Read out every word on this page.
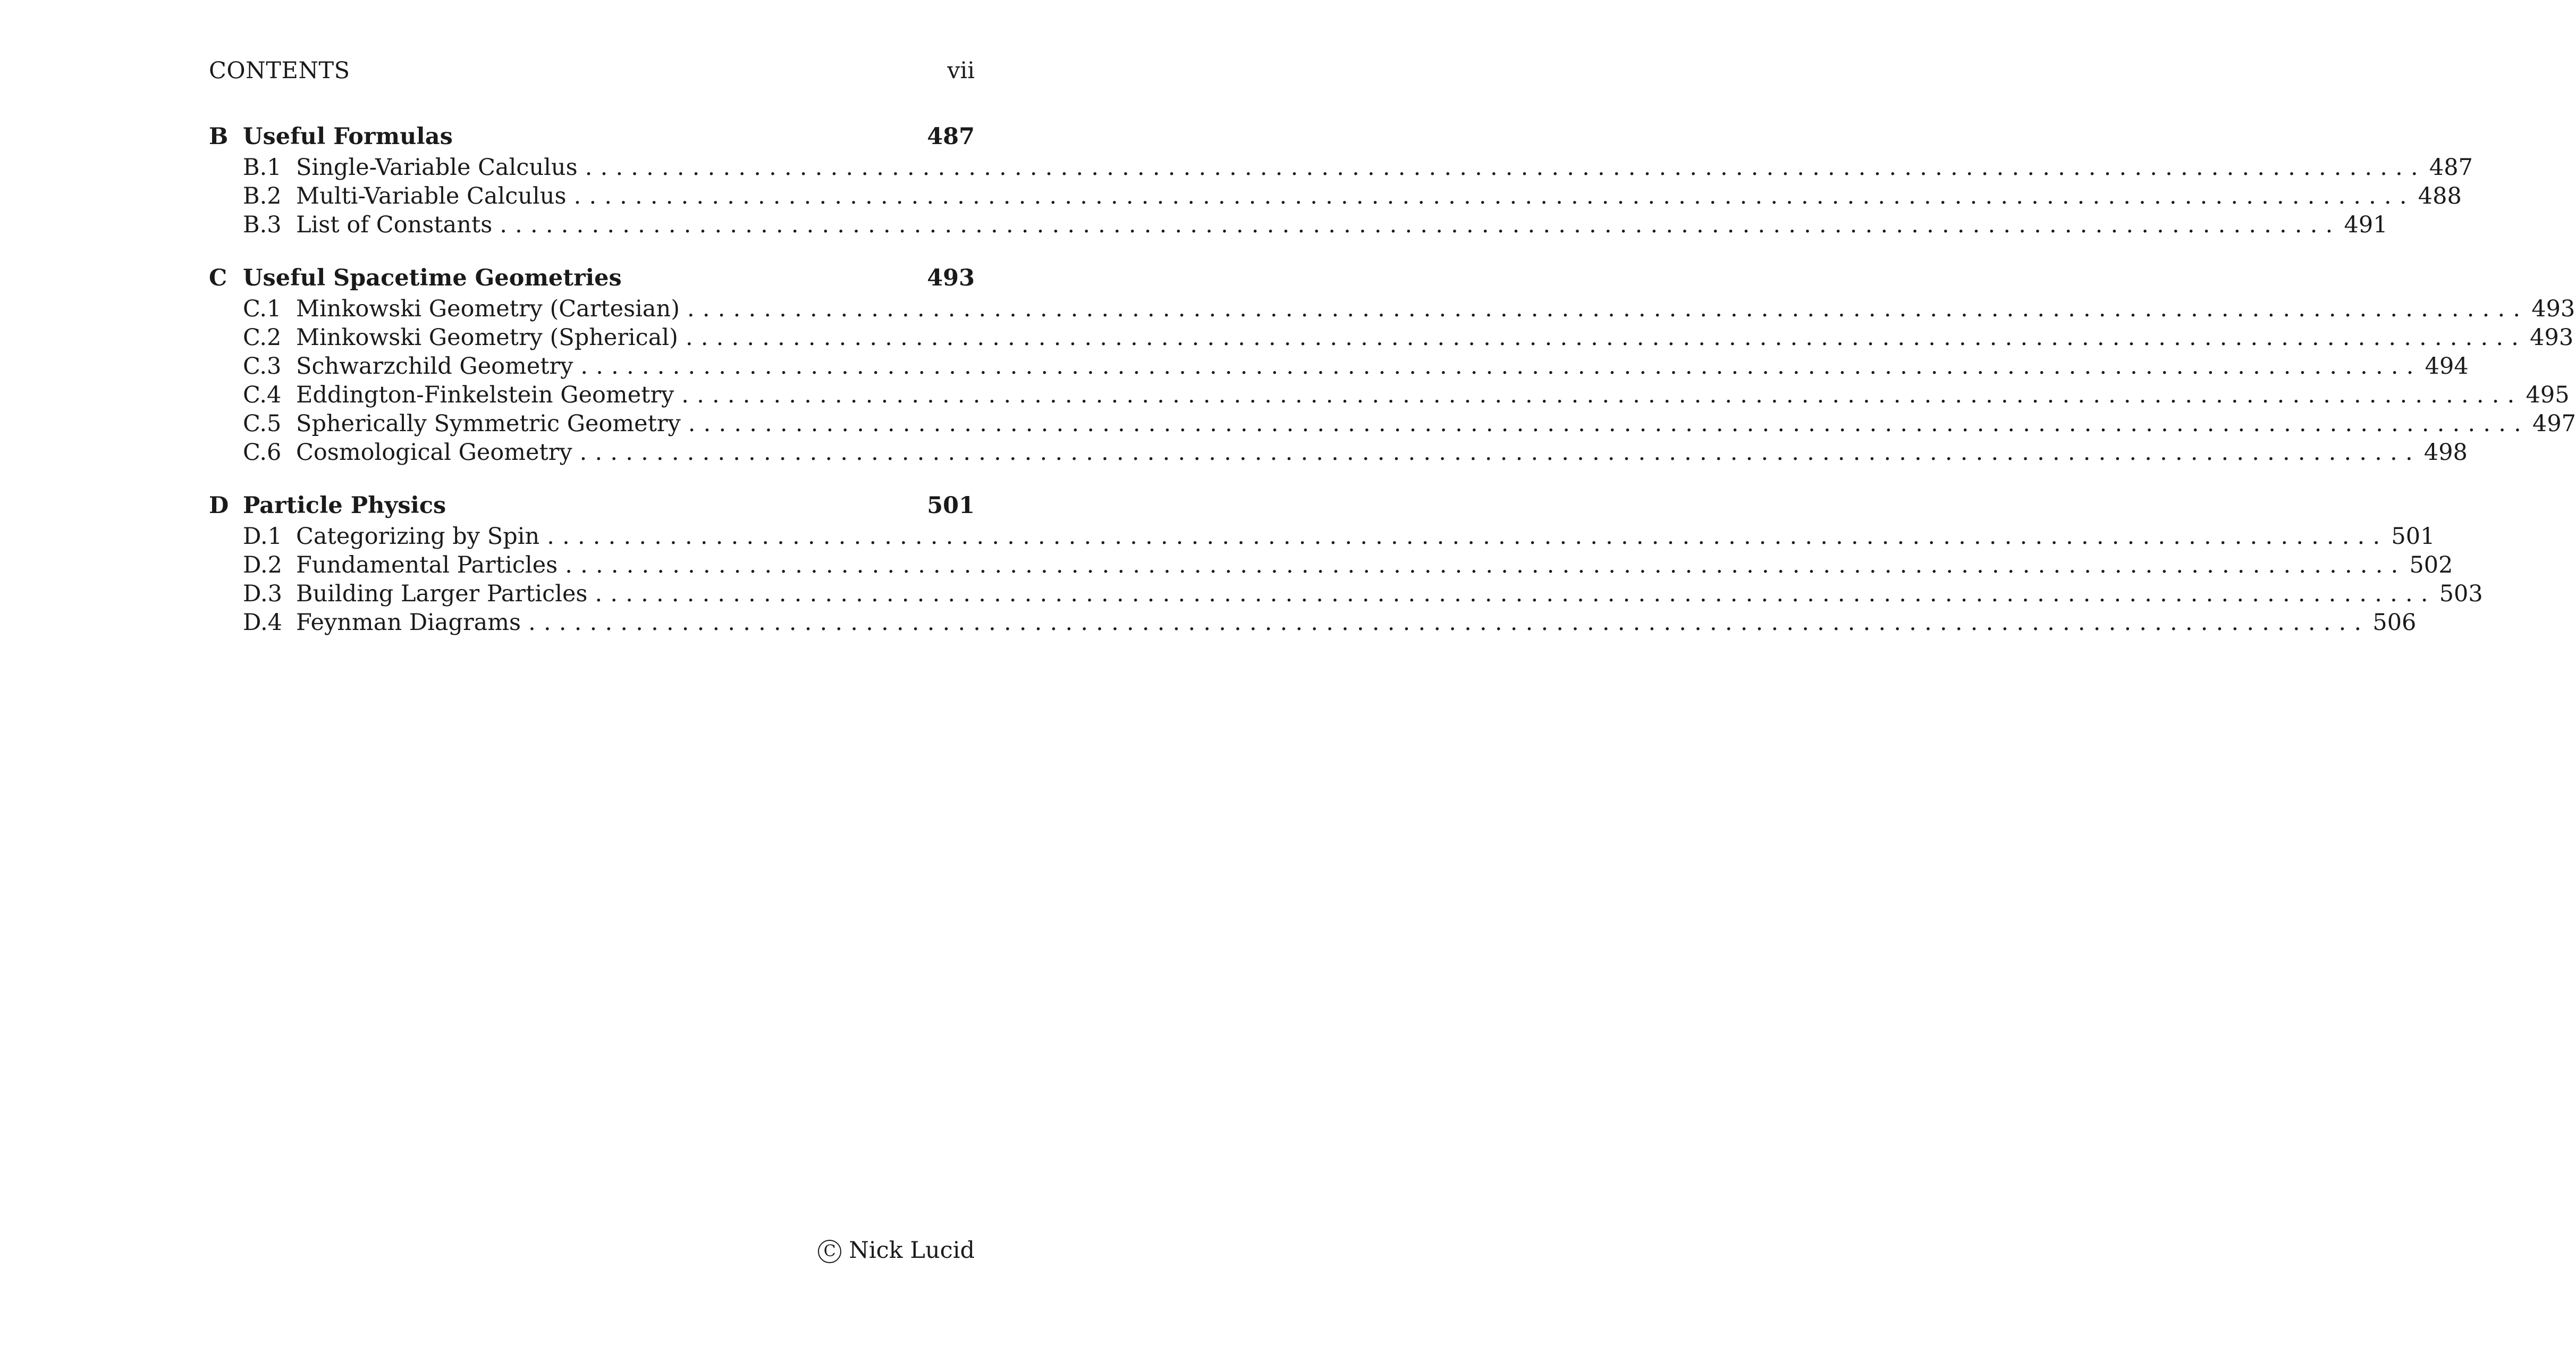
CONTENTS	vii
B Useful Formulas	487
B.1 Single-Variable Calculus ........................................................................................................................ 487
B.2 Multi-Variable Calculus ........................................................................................................................ 488
B.3 List of Constants ........................................................................................................................ 491
C Useful Spacetime Geometries	493
C.1 Minkowski Geometry (Cartesian) ........................................................................................................................ 493
C.2 Minkowski Geometry (Spherical) ........................................................................................................................ 493
C.3 Schwarzchild Geometry ........................................................................................................................ 494
C.4 Eddington-Finkelstein Geometry ........................................................................................................................ 495
C.5 Spherically Symmetric Geometry ........................................................................................................................ 497
C.6 Cosmological Geometry ........................................................................................................................ 498
D Particle Physics	501
D.1 Categorizing by Spin ........................................................................................................................ 501
D.2 Fundamental Particles ........................................................................................................................ 502
D.3 Building Larger Particles ........................................................................................................................ 503
D.4 Feynman Diagrams ........................................................................................................................ 506
C
Nick Lucid
